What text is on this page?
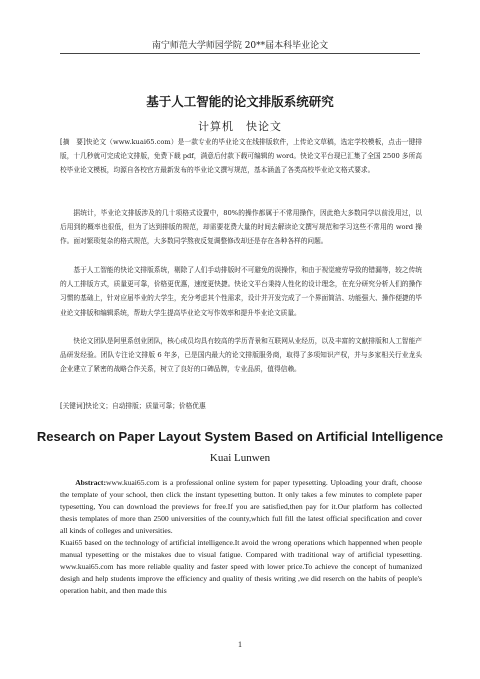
南宁师范大学师园学院 20**届本科毕业论文
基于人工智能的论文排版系统研究
计算机　快论文

[摘　要]快论文（www.kuai65.com）是一款专业的毕业论文在线排版软件，上传论文草稿，选定学校模板，点击一键排版，十几秒就可完成论文排版，免费下载 pdf，满意后付款下载可编辑的 word。快论文平台现已汇集了全国 2500 多所高校毕业论文模板，均源自各校官方最新发布的毕业论文撰写规范，基本涵盖了各类高校毕业论文格式要求。

据统计，毕业论文排版涉及的几十项格式设置中，80%的操作都属于不常用操作，因此绝大多数同学以前没用过，以后用到的概率也很低，但为了达到排版的规范，却需要花费大量的时间去解读论文撰写规范和学习这些不常用的 word 操作。面对繁琐复杂的格式规范，大多数同学熬夜反复调整修改却还是存在各种各样的问题。

基于人工智能的快论文排版系统，剔除了人们手动排版时不可避免的误操作，和由于视觉疲劳导致的错漏等，较之传统的人工排版方式，质量更可靠，价格更优惠，速度更快捷。快论文平台秉持人性化的设计理念，在充分研究分析人们的操作习惯的基础上，针对应届毕业的大学生，充分考虑其个性需求，设计并开发完成了一个界面简洁、功能强大、操作便捷的毕业论文排版和编辑系统，帮助大学生提高毕业论文写作效率和提升毕业论文质量。

快论文团队是阿里系创业团队，核心成员均具有较高的学历背景和互联网从业经历，以及丰富的文献排版和人工智能产品研发经验。团队专注论文排版 6 年多，已是国内最大的论文排版服务商，取得了多项知识产权，并与多家相关行业龙头企业建立了紧密的战略合作关系，树立了良好的口碑品牌，专业品质，值得信赖。

[关键词]快论文；自动排版；质量可靠；价格优惠

Research on Paper Layout System Based on Artificial Intelligence
Kuai Lunwen

Abstract:www.kuai65.com is a professional online system for paper typesetting. Uploading your draft, choose the template of your school, then click the instant typesetting button. It only takes a few minutes to complete paper typesetting, You can download the previews for free.If you are satisfied,then pay for it.Our platform has collected thesis templates of more than 2500 universities of the county,which full fill the latest official specification and cover all kinds of colleges and universities.

Kuai65 based on the technology of artificial intelligence.It avoid the wrong operations which happenned when people manual typesetting or the mistakes due to visual fatigue. Compared with traditional way of artificial typesetting. www.kuai65.com has more reliable quality and faster speed with lower price.To achieve the concept of humanized desigh and help students improve the efficiency and quality of thesis writing ,we did reserch on the habits of people's operation habit, and then made this

1
